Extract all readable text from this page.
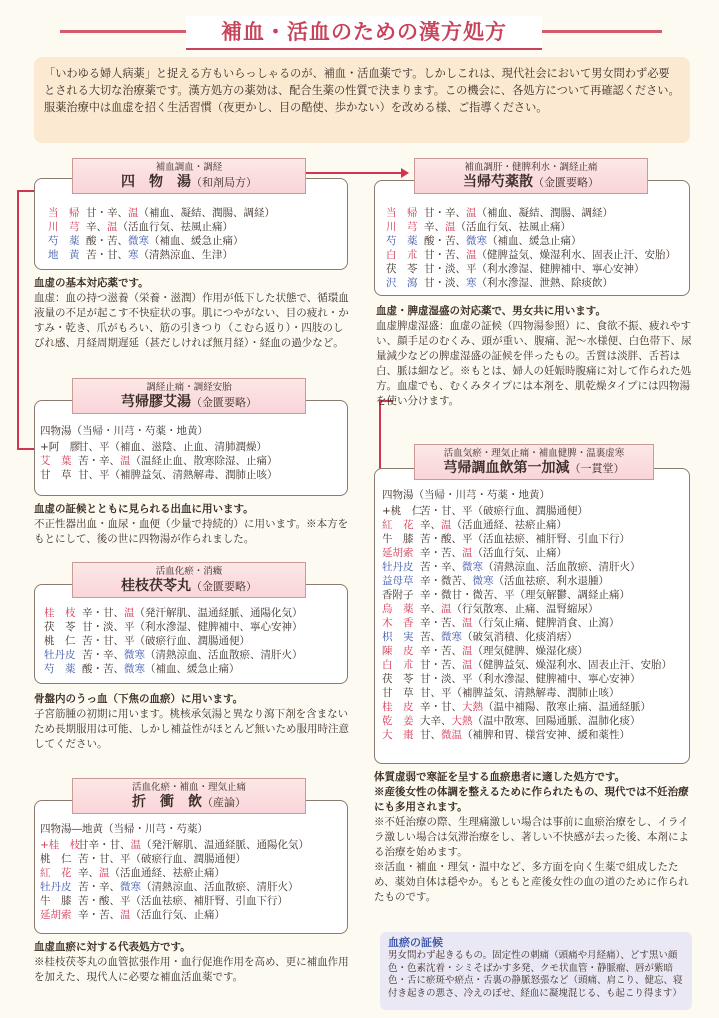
補血・活血のための漢方処方
「いわゆる婦人病薬」と捉える方もいらっしゃるのが、補血・活血薬です。しかしこれは、現代社会において男女問わず必要とされる大切な治療薬です。漢方処方の薬効は、配合生薬の性質で決まります。この機会に、各処方について再確認ください。服薬治療中は血虚を招く生活習慣（夜更かし、目の酷使、歩かない）を改める様、ご指導ください。
補血調血・調経
四　物　湯（和剤局方）
当　帰 甘・辛、 温 （補血、凝結、潤腸、調経）
川　芎 辛、 温 （活血行気、祛風止痛）
芍　薬 酸・苦、 微寒 （補血、緩急止痛）
地　黄 苦・甘、 寒 （清熱涼血、生津）
血虚の基本対応薬です。
血虚：血の持つ滋養（栄養・滋潤）作用が低下した状態で、循環血液量の不足が起こす不快症状の事。肌につやがない、目の疲れ・かすみ・乾き、爪がもろい、筋の引きつり（こむら返り）・四肢のしびれ感、月経周期遅延（甚だしければ無月経）・経血の過少など。
調経止痛・調経安胎
芎帰膠艾湯（金匱要略）
四物湯（当帰・川芎・芍薬・地黄）
+阿　膠
甘、 平 （補血、滋陰、止血、清肺潤燥）
艾　葉 苦・辛、 温 （温経止血、散寒除湿、止痛）
甘　草 甘、 平 （補脾益気、清熱解毒、潤肺止咳）
血虚の証候とともに見られる出血に用います。
不正性器出血・血尿・血便（少量で持続的）に用います。※本方をもとにして、後の世に四物湯が作られました。
活血化瘀・消癥
桂枝茯苓丸（金匱要略）
桂　枝 辛・甘、 温 （発汗解肌、温通経脈、通陽化気）
茯　苓 甘・淡、 平 （利水滲湿、健脾補中、寧心安神）
桃　仁 苦・甘、 平 （破瘀行血、潤腸通便）
牡丹皮 苦・辛、 微寒 （清熱涼血、活血散瘀、清肝火）
芍　薬 酸・苦、 微寒 （補血、緩急止痛）
骨盤内のうっ血（下焦の血瘀）に用います。
子宮筋腫の初期に用います。桃核承気湯と異なり瀉下剤を含まないため長期服用は可能、しかし補益性がほとんど無いため服用時注意してください。
活血化瘀・補血・理気止痛
折　衝　飲（産論）
四物湯―地黄（当帰・川芎・芍薬）
+桂　枝
甘辛・甘、 温 （発汗解肌、温通経脈、通陽化気）
桃　仁 苦・甘、 平 （破瘀行血、潤腸通便）
紅　花 辛、 温 （活血通経、祛瘀止痛）
牡丹皮 苦・辛、 微寒 （清熱涼血、活血散瘀、清肝火）
牛　膝 苦・酸、 平 （活血祛瘀、補肝腎、引血下行）
延胡索 辛・苦、 温 （活血行気、止痛）
血虚血瘀に対する代表処方です。
※桂枝茯苓丸の血管拡張作用・血行促進作用を高め、更に補血作用を加えた、現代人に必要な補血活血薬です。
補血調肝・健脾利水・調経止痛
当帰芍薬散（金匱要略）
当　帰 甘・辛、 温 （補血、凝結、潤腸、調経）
川　芎 辛、 温 （活血行気、祛風止痛）
芍　薬 酸・苦、 微寒 （補血、緩急止痛）
白　朮 甘・苦、 温 （健脾益気、燥湿利水、固表止汗、安胎）
茯　苓 甘・淡、 平 （利水滲湿、健脾補中、寧心安神）
沢　瀉 甘・淡、 寒 （利水滲湿、泄熱、除痰飲）
血虚・脾虚湿盛の対応薬で、男女共に用います。
血虚脾虚湿盛：血虚の証候（四物湯参照）に、食欲不振、疲れやすい、顔手足のむくみ、頭が重い、腹痛、泥～水様便、白色帯下、尿量減少などの脾虚湿盛の証候を伴ったもの。舌質は淡胖、舌苔は白、脈は細など。※もとは、婦人の妊娠時腹痛に対して作られた処方。血虚でも、むくみタイプには本剤を、肌乾燥タイプには四物湯を使い分けます。
活血気瘀・理気止痛・補血健脾・温裏虚寒
芎帰調血飲第一加減（一貫堂）
四物湯（当帰・川芎・芍薬・地黄）
+桃　仁
苦・甘、 平 （破瘀行血、潤腸通便）
紅　花 辛、 温 （活血通経、祛瘀止痛）
牛　膝 苦・酸、 平 （活血祛瘀、補肝腎、引血下行）
延胡索 辛・苦、 温 （活血行気、止痛）
牡丹皮 苦・辛、 微寒 （清熱涼血、活血散瘀、清肝火）
益母草 辛・微苦、 微寒 （活血祛瘀、利水退腫）
香附子 辛・微甘・微苦、 平 （理気解鬱、調経止痛）
烏　薬 辛、 温 （行気散寒、止痛、温腎縮尿）
木　香 辛・苦、 温 （行気止痛、健脾消食、止瀉）
枳　実 苦、 微寒 （破気消積、化痰消痞）
陳　皮 辛・苦、 温 （理気健脾、燥湿化痰）
白　朮 甘・苦、 温 （健脾益気、燥湿利水、固表止汗、安胎）
茯　苓 甘・淡、 平 （利水滲湿、健脾補中、寧心安神）
甘　草 甘、 平 （補脾益気、清熱解毒、潤肺止咳）
桂　皮 辛・甘、 大熱 （温中補陽、散寒止痛、温通経脈）
乾　姜 大辛、 大熱 （温中散寒、回陽通脈、温肺化痰）
大　棗 甘、 微温 （補脾和胃、様営安神、緩和薬性）
体質虚弱で寒証を呈する血瘀患者に適した処方です。
※産後女性の体調を整えるために作られたもの、現代では不妊治療にも多用されます。
※不妊治療の際、生理痛激しい場合は事前に血瘀治療をし、イライラ激しい場合は気滞治療をし、著しい不快感が去った後、本剤による治療を始めます。
※活血・補血・理気・温中など、多方面を向く生薬で組成したため、薬効自体は穏やか。もともと産後女性の血の道のために作られたものです。
血瘀の証候
男女問わず起きるもの。固定性の刺痛（頭痛や月経痛）、どす黒い顔色・色素沈着・シミそばかす多発、クモ状血管・静脈瘤、唇が紫暗色・舌に瘀斑や瘀点・舌裏の静脈怒張など（頭痛、肩こり、健忘、寝付き起きの悪さ、冷えのぼせ、経血に凝塊混じる、も起こり得ます）
